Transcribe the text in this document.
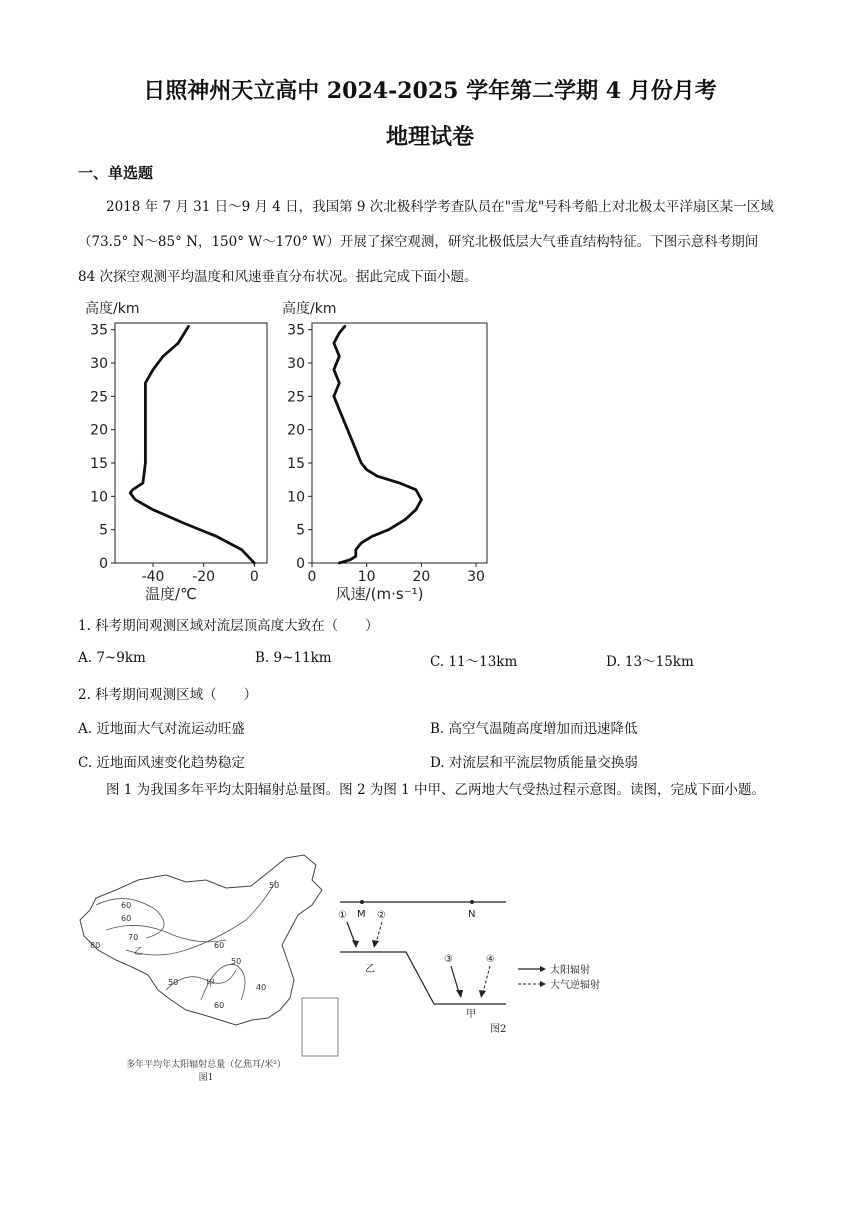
日照神州天立高中 2024-2025 学年第二学期 4 月份月考
地理试卷
一、单选题

2018 年 7 月 31 日～9 月 4 日，我国第 9 次北极科学考查队员在"雪龙"号科考船上对北极太平洋扇区某一区域（73.5° N～85° N，150° W～170° W）开展了探空观测，研究北极低层大气垂直结构特征。下图示意科考期间 84 次探空观测平均温度和风速垂直分布状况。据此完成下面小题。

0
5
10
15
20
25
30
35
-40 -20 0
高度/km
温度/℃
0
5
10
15
20
25
30
35
0	10	20	30
高度/km
风速/(m·s⁻¹)
1. 科考期间观测区域对流层顶高度大致在（　　）
A. 7~9km	B. 9~11km	C. 11～13km	D. 13～15km
2. 科考期间观测区域（　　）
A. 近地面大气对流运动旺盛	B. 高空气温随高度增加而迅速降低
C. 近地面风速变化趋势稳定	D. 对流层和平流层物质能量交换弱

图 1 为我国多年平均太阳辐射总量图。图 2 为图 1 中甲、乙两地大气受热过程示意图。读图，完成下面小题。

50
60
60
70
80	60
50
50
60
40
乙
甲
多年平均年太阳辐射总量（亿焦耳/米²）
图1
M	N
①	②
③	④
乙
甲
太阳辐射
大气逆辐射
图2
